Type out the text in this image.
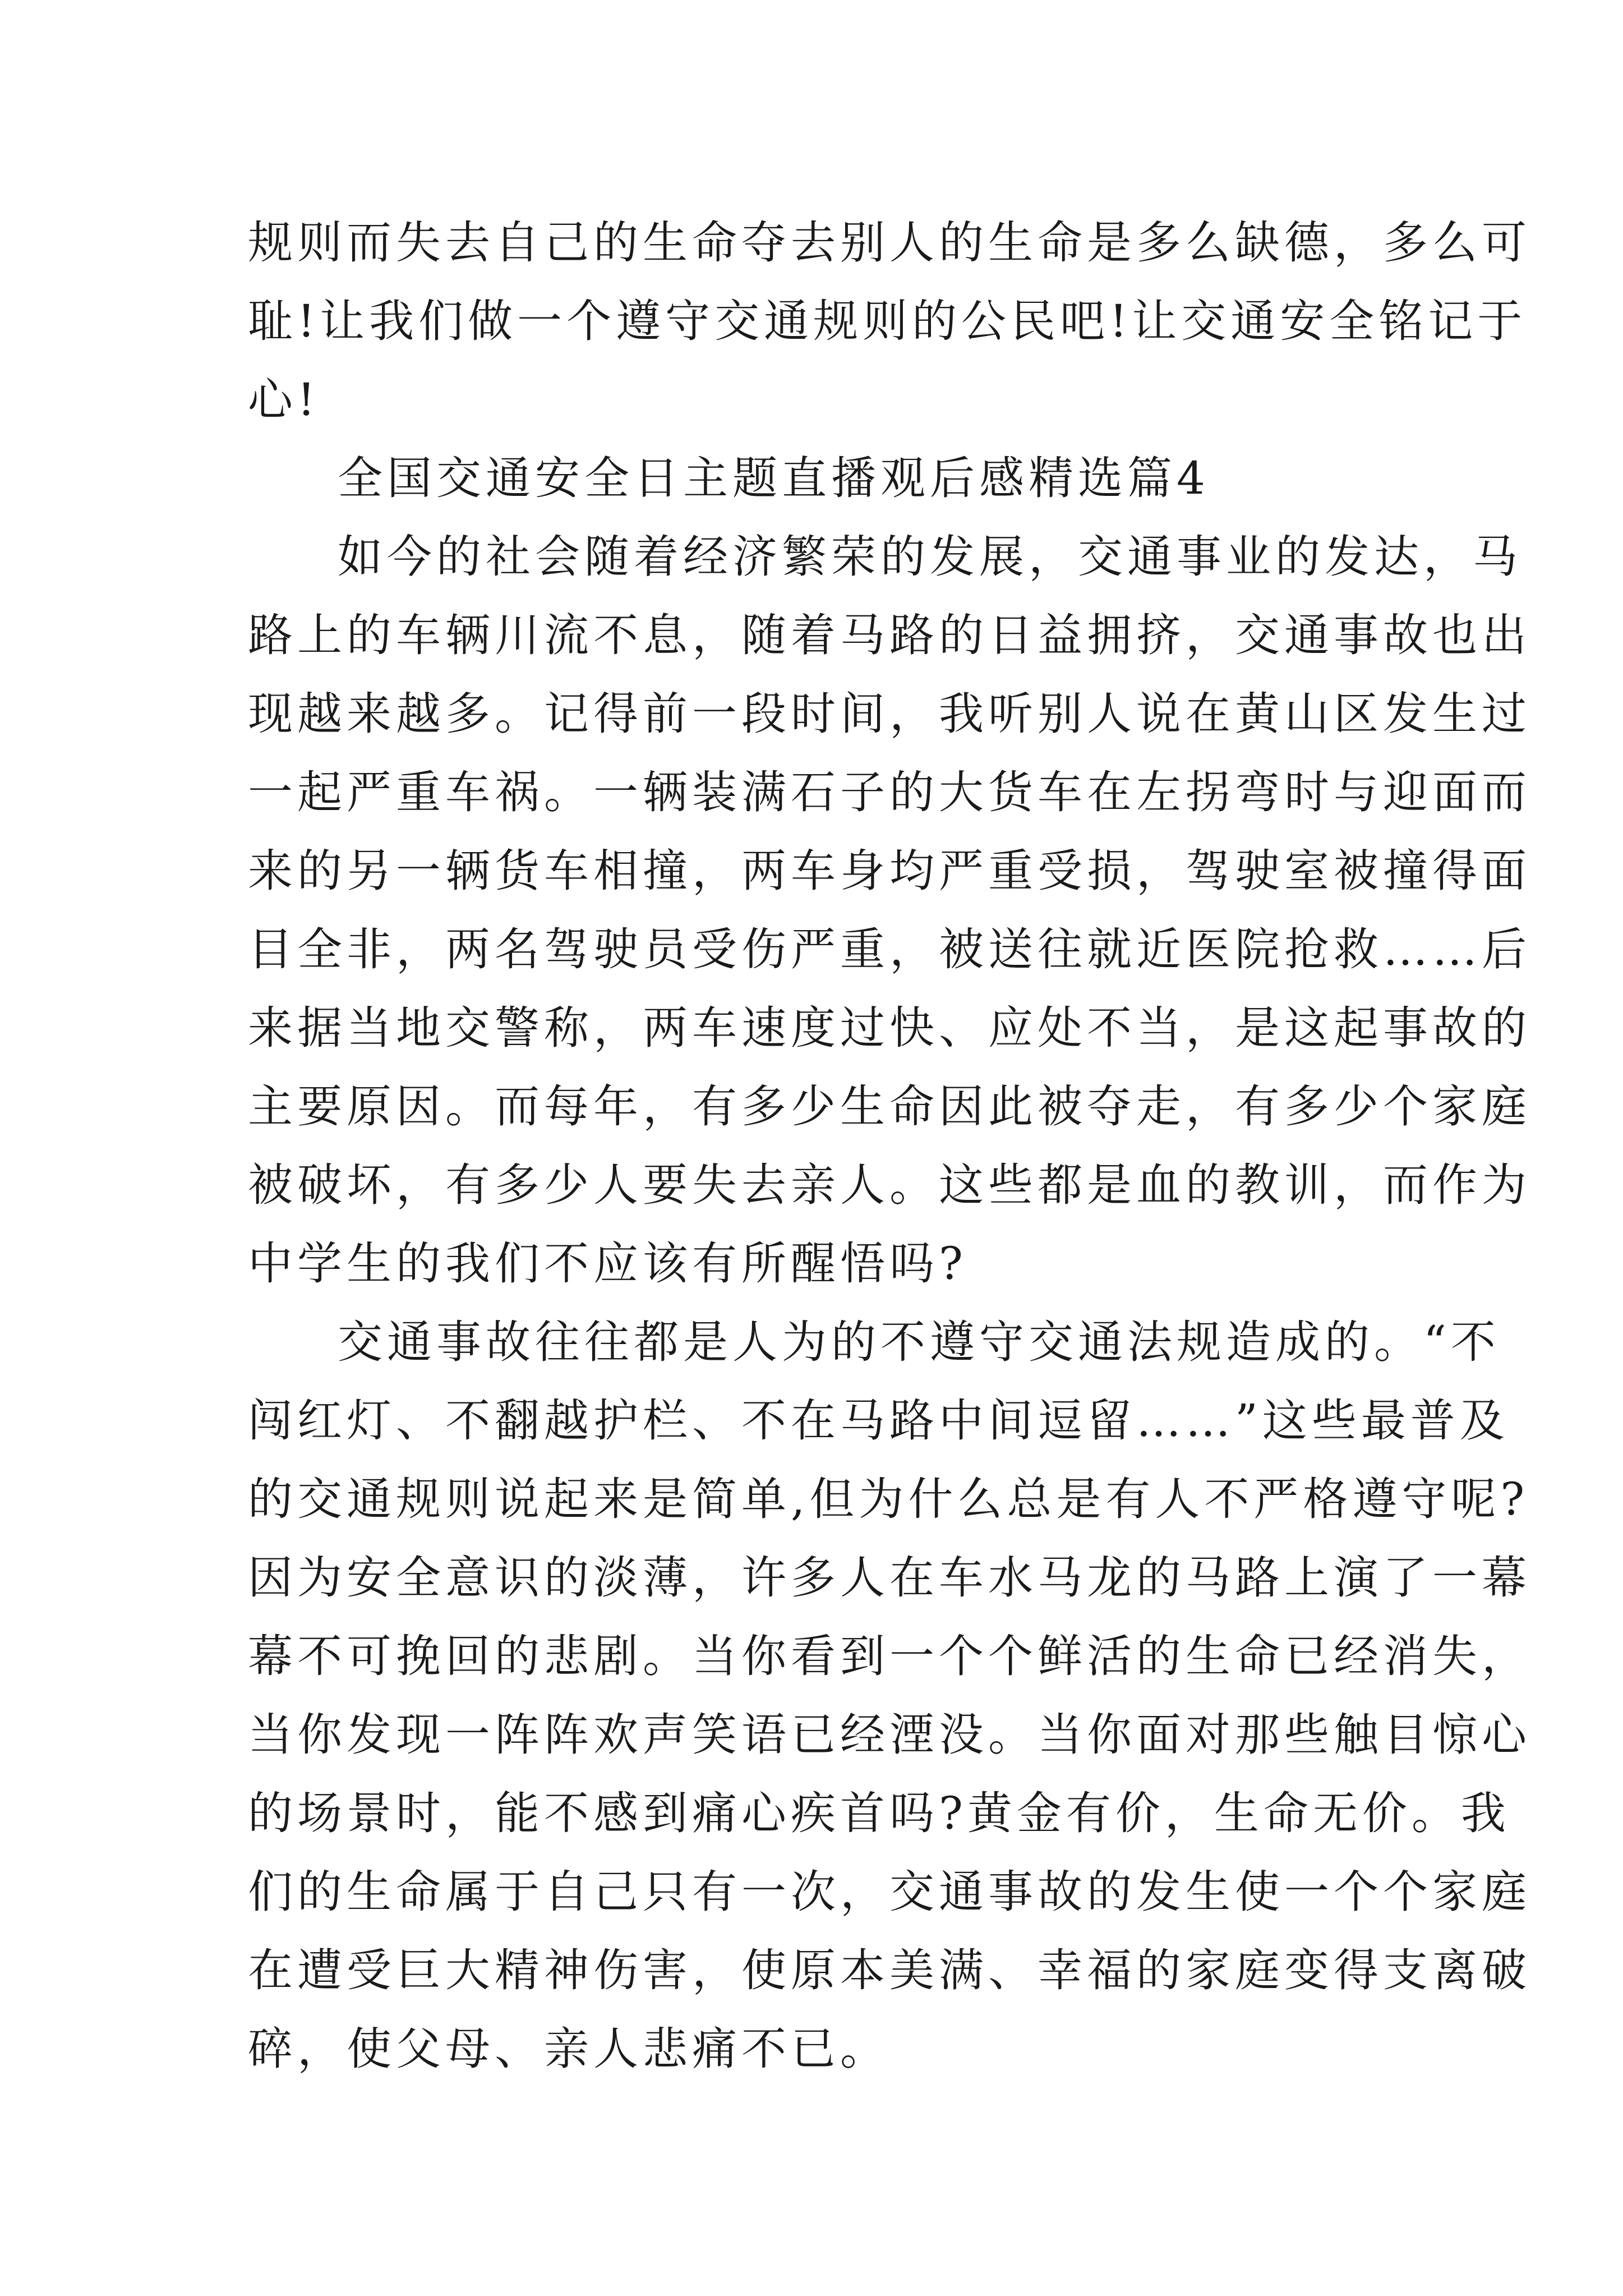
规则而失去自己的生命夺去别人的生命是多么缺德，多么可
耻!让我们做一个遵守交通规则的公民吧!让交通安全铭记于
心!
全国交通安全日主题直播观后感精选篇4
如今的社会随着经济繁荣的发展，交通事业的发达，马
路上的车辆川流不息，随着马路的日益拥挤，交通事故也出
现越来越多。记得前一段时间，我听别人说在黄山区发生过
一起严重车祸。一辆装满石子的大货车在左拐弯时与迎面而
来的另一辆货车相撞，两车身均严重受损，驾驶室被撞得面
目全非，两名驾驶员受伤严重，被送往就近医院抢救……后
来据当地交警称，两车速度过快、应处不当，是这起事故的
主要原因。而每年，有多少生命因此被夺走，有多少个家庭
被破坏，有多少人要失去亲人。这些都是血的教训，而作为
中学生的我们不应该有所醒悟吗?
交通事故往往都是人为的不遵守交通法规造成的。“不
闯红灯、不翻越护栏、不在马路中间逗留……”这些最普及
的交通规则说起来是简单,但为什么总是有人不严格遵守呢?
因为安全意识的淡薄，许多人在车水马龙的马路上演了一幕
幕不可挽回的悲剧。当你看到一个个鲜活的生命已经消失，
当你发现一阵阵欢声笑语已经湮没。当你面对那些触目惊心
的场景时，能不感到痛心疾首吗?黄金有价，生命无价。我
们的生命属于自己只有一次，交通事故的发生使一个个家庭
在遭受巨大精神伤害，使原本美满、幸福的家庭变得支离破
碎，使父母、亲人悲痛不已。
